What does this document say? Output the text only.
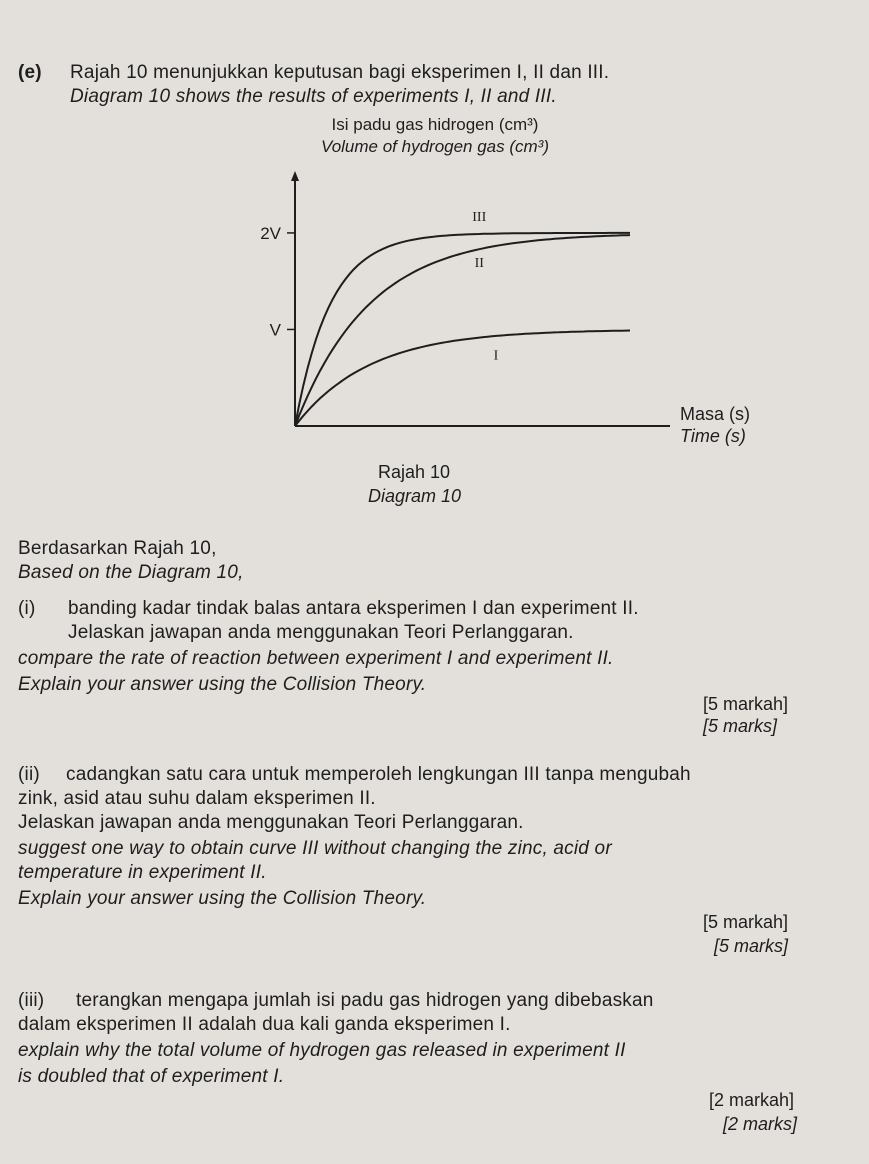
(e) Rajah 10 menunjukkan keputusan bagi eksperimen I, II dan III.
Diagram 10 shows the results of experiments I, II and III.
Isi padu gas hidrogen (cm³)
Volume of hydrogen gas (cm³)
2V
V
III
II
I
Masa (s)
Time (s)
Rajah 10
Diagram 10
Berdasarkan Rajah 10,
Based on the Diagram 10,
(i) banding kadar tindak balas antara eksperimen I dan experiment II.
Jelaskan jawapan anda menggunakan Teori Perlanggaran.
compare the rate of reaction between experiment I and experiment II.
Explain your answer using the Collision Theory.
[5 markah]
[5 marks]
(ii) cadangkan satu cara untuk memperoleh lengkungan III tanpa mengubah
zink, asid atau suhu dalam eksperimen II.
Jelaskan jawapan anda menggunakan Teori Perlanggaran.
suggest one way to obtain curve III without changing the zinc, acid or
temperature in experiment II.
Explain your answer using the Collision Theory.
[5 markah]
[5 marks]
(iii) terangkan mengapa jumlah isi padu gas hidrogen yang dibebaskan
dalam eksperimen II adalah dua kali ganda eksperimen I.
explain why the total volume of hydrogen gas released in experiment II
is doubled that of experiment I.
[2 markah]
[2 marks]
